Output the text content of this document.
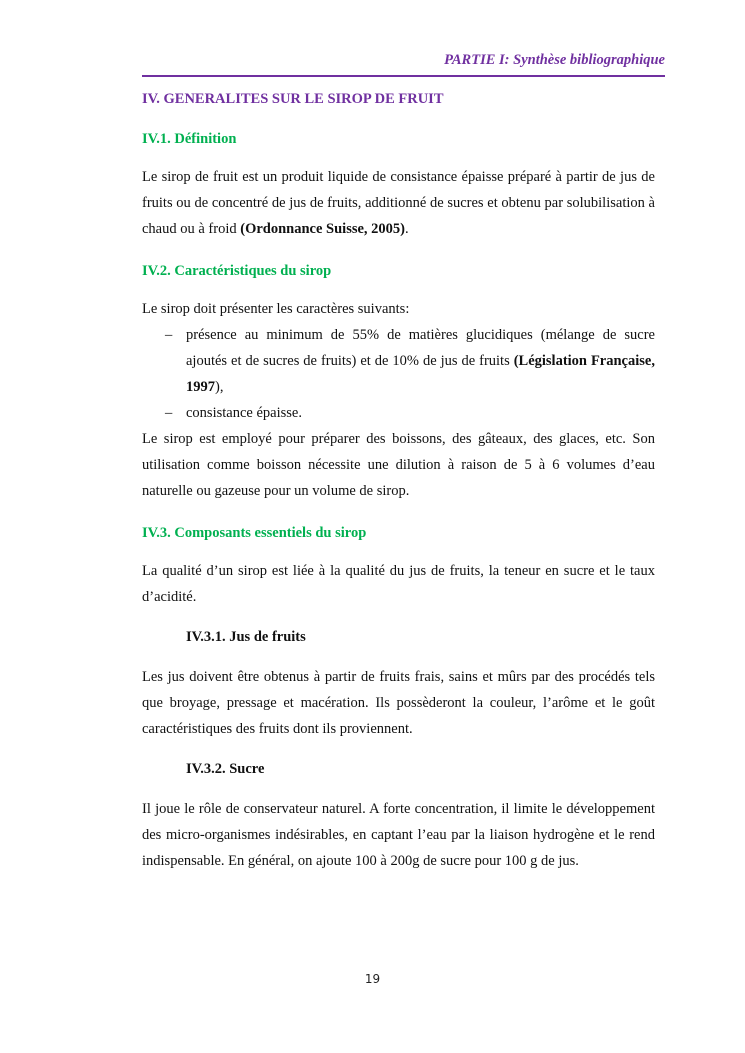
PARTIE I: Synthèse bibliographique
IV. GENERALITES SUR LE SIROP DE FRUIT
IV.1. Définition

Le sirop de fruit est un produit liquide de consistance épaisse préparé à partir de jus de fruits ou de concentré de jus de fruits, additionné de sucres et obtenu par solubilisation à chaud ou à froid (Ordonnance Suisse, 2005).

IV.2. Caractéristiques du sirop

Le sirop doit présenter les caractères suivants:

– présence au minimum de 55% de matières glucidiques (mélange de sucre ajoutés et de sucres de fruits) et de 10% de jus de fruits (Législation Française, 1997),
– consistance épaisse.

Le sirop est employé pour préparer des boissons, des gâteaux, des glaces, etc. Son utilisation comme boisson nécessite une dilution à raison de 5 à 6 volumes d’eau naturelle ou gazeuse pour un volume de sirop.

IV.3. Composants essentiels du sirop

La qualité d’un sirop est liée à la qualité du jus de fruits, la teneur en sucre et le taux d’acidité.

IV.3.1. Jus de fruits

Les jus doivent être obtenus à partir de fruits frais, sains et mûrs par des procédés tels que broyage, pressage et macération. Ils possèderont la couleur, l’arôme et le goût caractéristiques des fruits dont ils proviennent.

IV.3.2. Sucre

Il joue le rôle de conservateur naturel. A forte concentration, il limite le développement des micro-organismes indésirables, en captant l’eau par la liaison hydrogène et le rend indispensable. En général, on ajoute 100 à 200g de sucre pour 100 g de jus.

19
